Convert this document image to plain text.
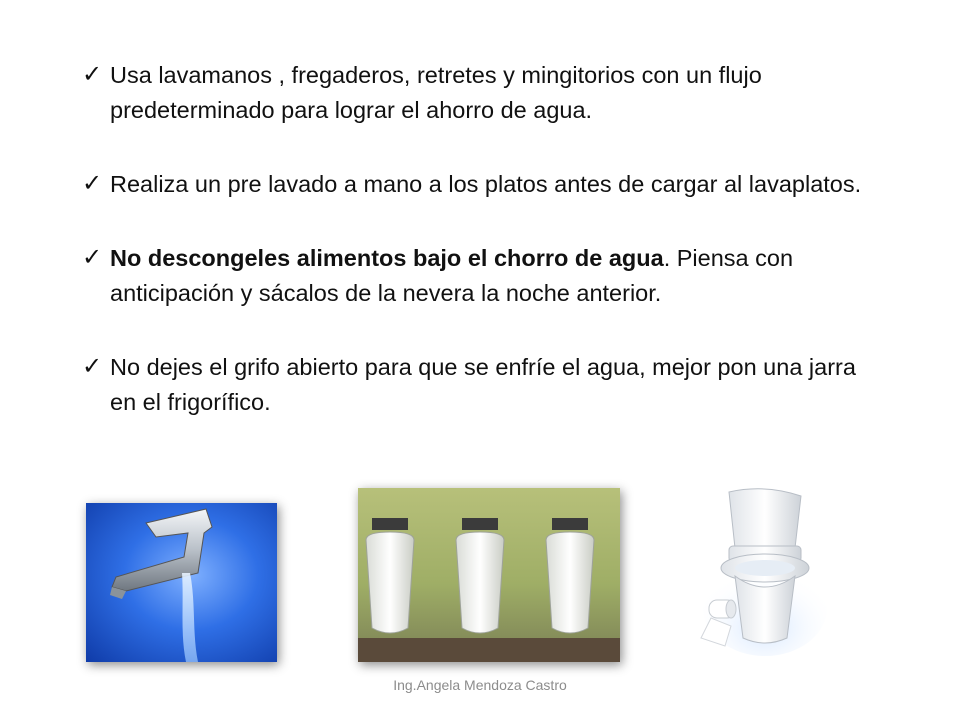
✓ Usa lavamanos , fregaderos, retretes y mingitorios con un flujo predeterminado para lograr el ahorro de agua.
✓ Realiza un pre lavado a mano a los platos antes de cargar al lavaplatos.
✓ No descongeles alimentos bajo el chorro de agua. Piensa con anticipación y sácalos de la nevera la noche anterior.
✓ No dejes el grifo abierto para que se enfríe el agua, mejor pon una jarra en el frigorífico.
Ing.Angela Mendoza Castro
